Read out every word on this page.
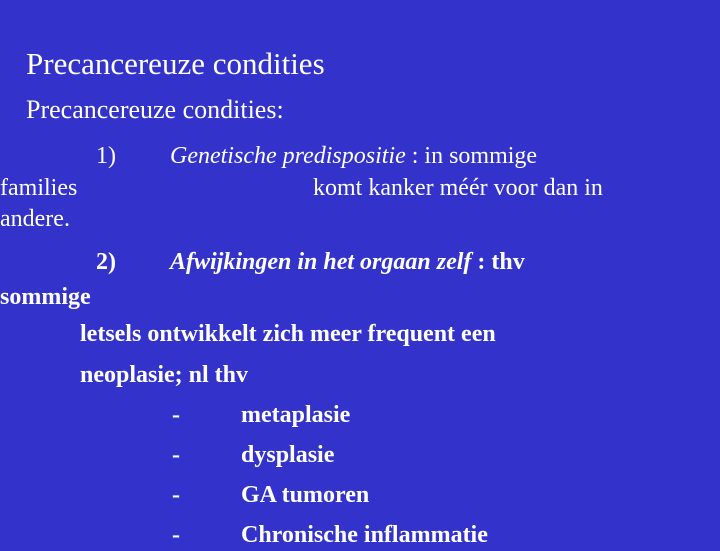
Precancereuze condities
Precancereuze condities:
1) Genetische predispositie : in sommige
families	komt kanker méér voor dan in
andere.
2) Afwijkingen in het orgaan zelf : thv
sommige
letsels ontwikkelt zich meer frequent een
neoplasie; nl thv
-	metaplasie
-	dysplasie
-	GA tumoren
-	Chronische inflammatie
